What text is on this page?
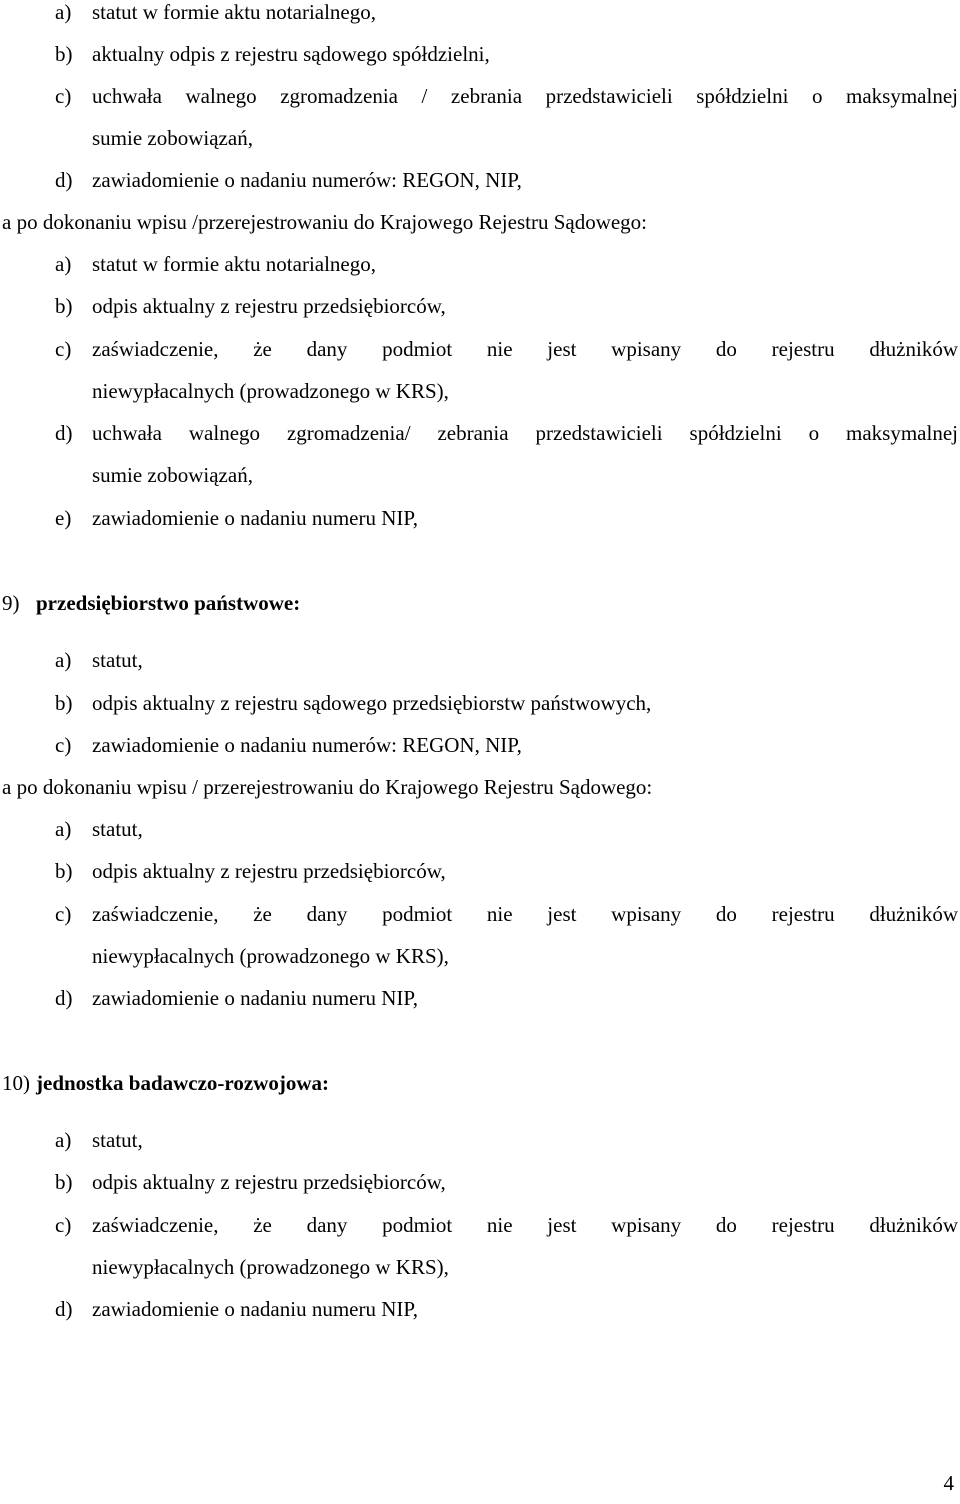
a) statut w formie aktu notarialnego,
b) aktualny odpis z rejestru sądowego spółdzielni,
c) uchwała walnego zgromadzenia / zebrania przedstawicieli spółdzielni o maksymalnej
sumie zobowiązań,
d) zawiadomienie o nadaniu numerów: REGON, NIP,
a po dokonaniu wpisu /przerejestrowaniu do Krajowego Rejestru Sądowego:
a) statut w formie aktu notarialnego,
b) odpis aktualny z rejestru przedsiębiorców,
c) zaświadczenie, że dany podmiot nie jest wpisany do rejestru dłużników
niewypłacalnych (prowadzonego w KRS),
d) uchwała walnego zgromadzenia/ zebrania przedstawicieli spółdzielni o maksymalnej
sumie zobowiązań,
e) zawiadomienie o nadaniu numeru NIP,
9) przedsiębiorstwo państwowe:
a) statut,
b) odpis aktualny z rejestru sądowego przedsiębiorstw państwowych,
c) zawiadomienie o nadaniu numerów: REGON, NIP,
a po dokonaniu wpisu / przerejestrowaniu do Krajowego Rejestru Sądowego:
a) statut,
b) odpis aktualny z rejestru przedsiębiorców,
c) zaświadczenie, że dany podmiot nie jest wpisany do rejestru dłużników
niewypłacalnych (prowadzonego w KRS),
d) zawiadomienie o nadaniu numeru NIP,
10) jednostka badawczo-rozwojowa:
a) statut,
b) odpis aktualny z rejestru przedsiębiorców,
c) zaświadczenie, że dany podmiot nie jest wpisany do rejestru dłużników
niewypłacalnych (prowadzonego w KRS),
d) zawiadomienie o nadaniu numeru NIP,
4
